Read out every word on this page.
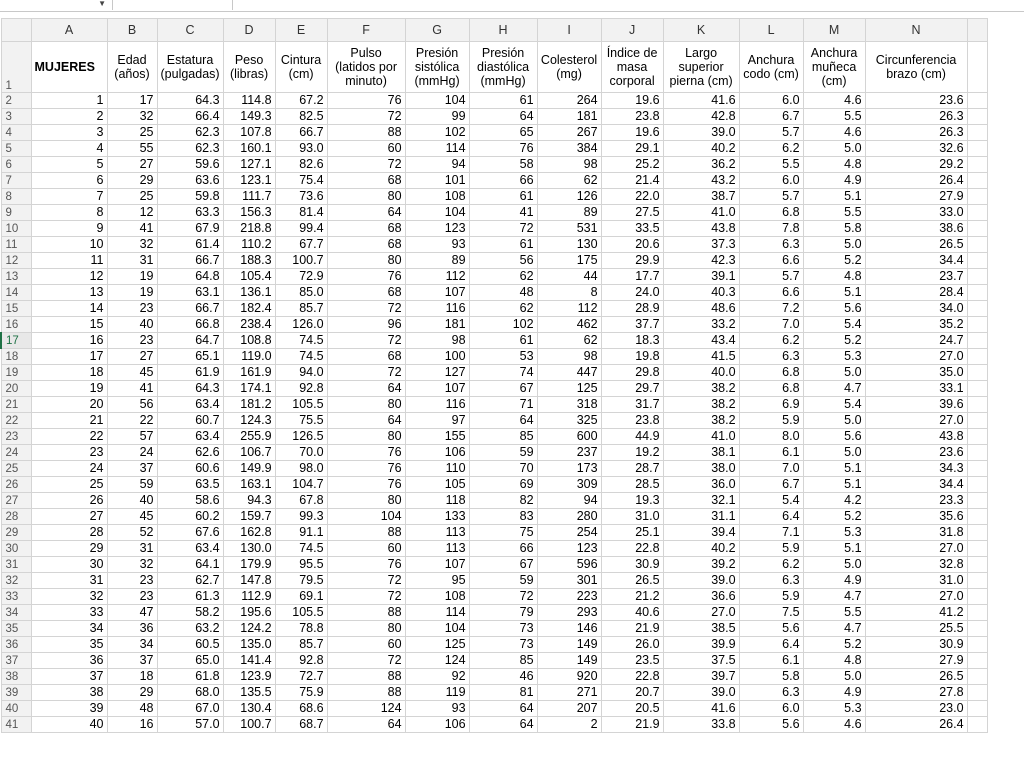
▼
	A	B	C	D	E	F	G	H	I	J	K	L	M	N	
1	MUJERES	Edad (años)	Estatura (pulgadas)	Peso (libras)	Cintura (cm)	Pulso (latidos por minuto)	Presión sistólica (mmHg)	Presión diastólica (mmHg)	Colesterol (mg)	Índice de masa corporal	Largo superior pierna (cm)	Anchura codo (cm)	Anchura muñeca (cm)	Circunferencia brazo (cm)	
2	1	17	64.3	114.8	67.2	76	104	61	264	19.6	41.6	6.0	4.6	23.6	
3	2	32	66.4	149.3	82.5	72	99	64	181	23.8	42.8	6.7	5.5	26.3	
4	3	25	62.3	107.8	66.7	88	102	65	267	19.6	39.0	5.7	4.6	26.3	
5	4	55	62.3	160.1	93.0	60	114	76	384	29.1	40.2	6.2	5.0	32.6	
6	5	27	59.6	127.1	82.6	72	94	58	98	25.2	36.2	5.5	4.8	29.2	
7	6	29	63.6	123.1	75.4	68	101	66	62	21.4	43.2	6.0	4.9	26.4	
8	7	25	59.8	111.7	73.6	80	108	61	126	22.0	38.7	5.7	5.1	27.9	
9	8	12	63.3	156.3	81.4	64	104	41	89	27.5	41.0	6.8	5.5	33.0	
10	9	41	67.9	218.8	99.4	68	123	72	531	33.5	43.8	7.8	5.8	38.6	
11	10	32	61.4	110.2	67.7	68	93	61	130	20.6	37.3	6.3	5.0	26.5	
12	11	31	66.7	188.3	100.7	80	89	56	175	29.9	42.3	6.6	5.2	34.4	
13	12	19	64.8	105.4	72.9	76	112	62	44	17.7	39.1	5.7	4.8	23.7	
14	13	19	63.1	136.1	85.0	68	107	48	8	24.0	40.3	6.6	5.1	28.4	
15	14	23	66.7	182.4	85.7	72	116	62	112	28.9	48.6	7.2	5.6	34.0	
16	15	40	66.8	238.4	126.0	96	181	102	462	37.7	33.2	7.0	5.4	35.2	
17	16	23	64.7	108.8	74.5	72	98	61	62	18.3	43.4	6.2	5.2	24.7	
18	17	27	65.1	119.0	74.5	68	100	53	98	19.8	41.5	6.3	5.3	27.0	
19	18	45	61.9	161.9	94.0	72	127	74	447	29.8	40.0	6.8	5.0	35.0	
20	19	41	64.3	174.1	92.8	64	107	67	125	29.7	38.2	6.8	4.7	33.1	
21	20	56	63.4	181.2	105.5	80	116	71	318	31.7	38.2	6.9	5.4	39.6	
22	21	22	60.7	124.3	75.5	64	97	64	325	23.8	38.2	5.9	5.0	27.0	
23	22	57	63.4	255.9	126.5	80	155	85	600	44.9	41.0	8.0	5.6	43.8	
24	23	24	62.6	106.7	70.0	76	106	59	237	19.2	38.1	6.1	5.0	23.6	
25	24	37	60.6	149.9	98.0	76	110	70	173	28.7	38.0	7.0	5.1	34.3	
26	25	59	63.5	163.1	104.7	76	105	69	309	28.5	36.0	6.7	5.1	34.4	
27	26	40	58.6	94.3	67.8	80	118	82	94	19.3	32.1	5.4	4.2	23.3	
28	27	45	60.2	159.7	99.3	104	133	83	280	31.0	31.1	6.4	5.2	35.6	
29	28	52	67.6	162.8	91.1	88	113	75	254	25.1	39.4	7.1	5.3	31.8	
30	29	31	63.4	130.0	74.5	60	113	66	123	22.8	40.2	5.9	5.1	27.0	
31	30	32	64.1	179.9	95.5	76	107	67	596	30.9	39.2	6.2	5.0	32.8	
32	31	23	62.7	147.8	79.5	72	95	59	301	26.5	39.0	6.3	4.9	31.0	
33	32	23	61.3	112.9	69.1	72	108	72	223	21.2	36.6	5.9	4.7	27.0	
34	33	47	58.2	195.6	105.5	88	114	79	293	40.6	27.0	7.5	5.5	41.2	
35	34	36	63.2	124.2	78.8	80	104	73	146	21.9	38.5	5.6	4.7	25.5	
36	35	34	60.5	135.0	85.7	60	125	73	149	26.0	39.9	6.4	5.2	30.9	
37	36	37	65.0	141.4	92.8	72	124	85	149	23.5	37.5	6.1	4.8	27.9	
38	37	18	61.8	123.9	72.7	88	92	46	920	22.8	39.7	5.8	5.0	26.5	
39	38	29	68.0	135.5	75.9	88	119	81	271	20.7	39.0	6.3	4.9	27.8	
40	39	48	67.0	130.4	68.6	124	93	64	207	20.5	41.6	6.0	5.3	23.0	
41	40	16	57.0	100.7	68.7	64	106	64	2	21.9	33.8	5.6	4.6	26.4	
